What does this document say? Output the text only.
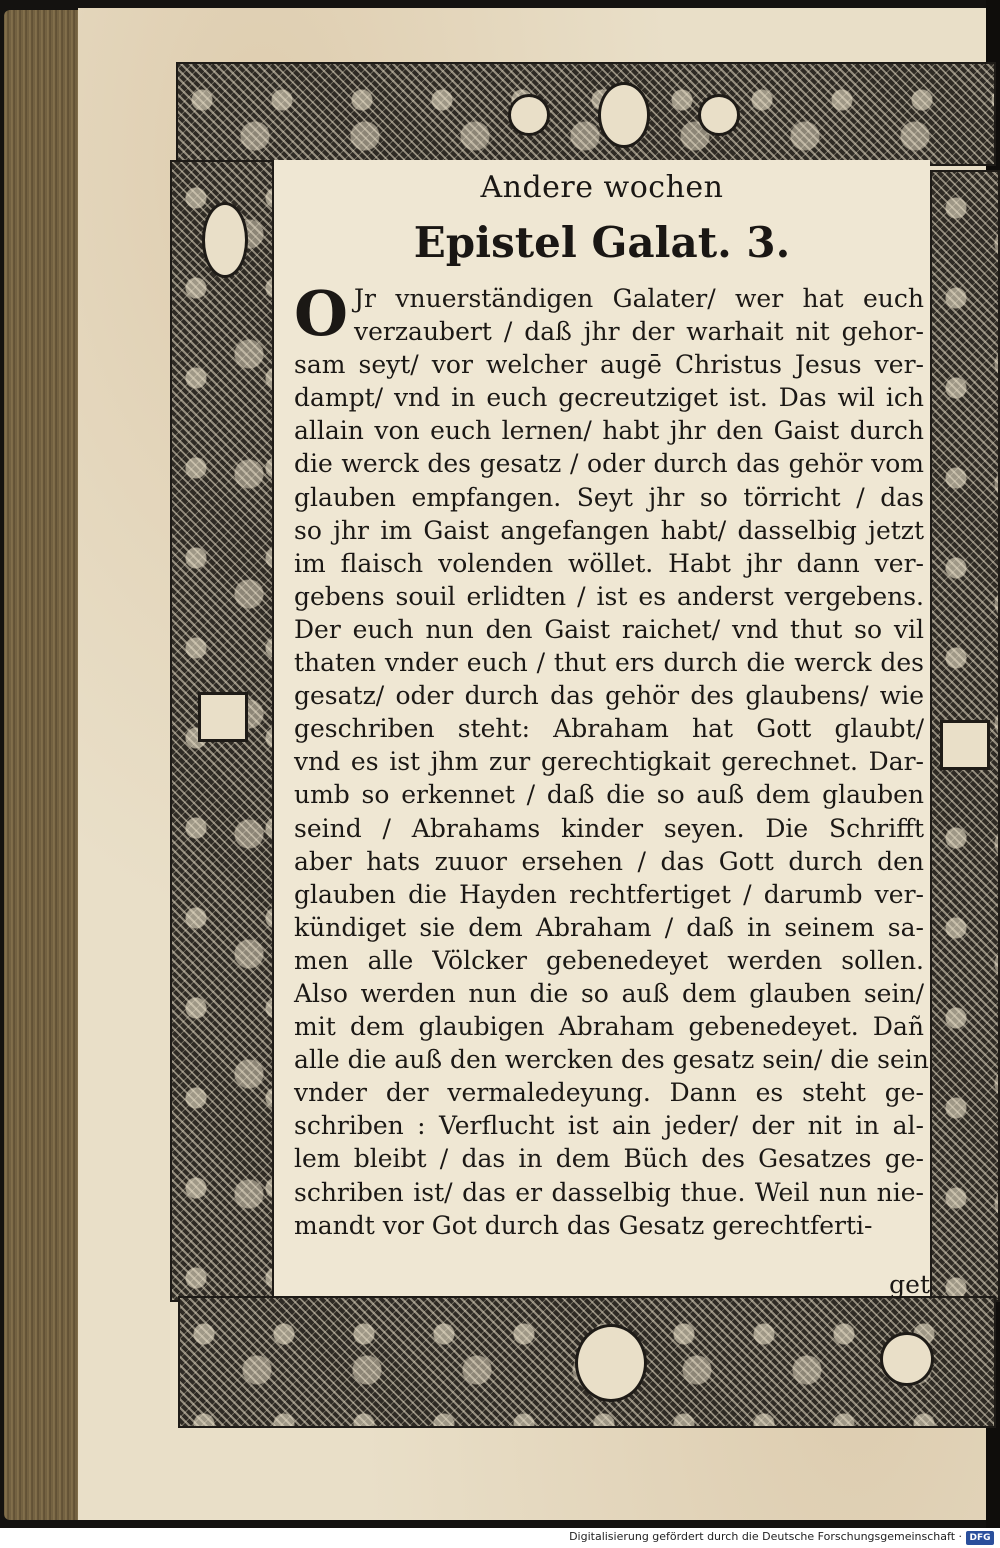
Andere wochen
Epistel Galat. 3.
O Jr vnuerständigen Galater/ wer hat euch
verzaubert / daß jhr der warhait nit gehor-
sam seyt/ vor welcher augē Christus Jesus ver-
dampt/ vnd in euch gecreutziget ist. Das wil ich
allain von euch lernen/ habt jhr den Gaist durch
die werck des gesatz / oder durch das gehör vom
glauben empfangen. Seyt jhr so törricht / das
so jhr im Gaist angefangen habt/ dasselbig jetzt
im flaisch volenden wöllet. Habt jhr dann ver-
gebens souil erlidten / ist es anderst vergebens.
Der euch nun den Gaist raichet/ vnd thut so vil
thaten vnder euch / thut ers durch die werck des
gesatz/ oder durch das gehör des glaubens/ wie
geschriben steht: Abraham hat Gott glaubt/
vnd es ist jhm zur gerechtigkait gerechnet. Dar-
umb so erkennet / daß die so auß dem glauben
seind / Abrahams kinder seyen. Die Schrifft
aber hats zuuor ersehen / das Gott durch den
glauben die Hayden rechtfertiget / darumb ver-
kündiget sie dem Abraham / daß in seinem sa-
men alle Völcker gebenedeyet werden sollen.
Also werden nun die so auß dem glauben sein/
mit dem glaubigen Abraham gebenedeyet. Dañ
alle die auß den wercken des gesatz sein/ die sein
vnder der vermaledeyung. Dann es steht ge-
schriben : Verflucht ist ain jeder/ der nit in al-
lem bleibt / das in dem Büch des Gesatzes ge-
schriben ist/ das er dasselbig thue. Weil nun nie-
mandt vor Got durch das Gesatz gerechtferti-
get
Digitalisierung gefördert durch die Deutsche Forschungsgemeinschaft · DFG
